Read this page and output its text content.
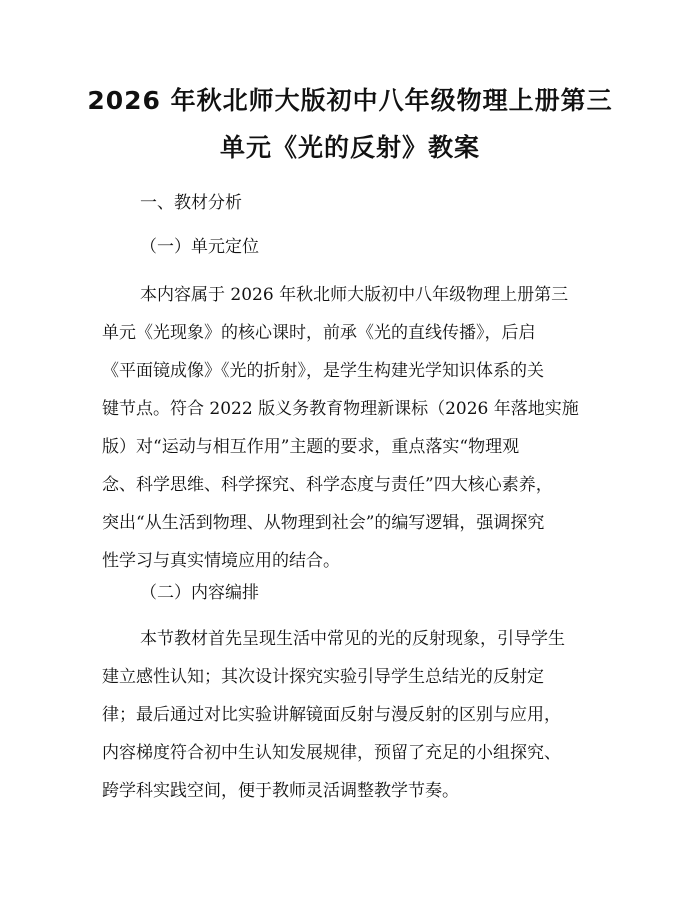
2026 年秋北师大版初中八年级物理上册第三
单元《光的反射》教案
一、教材分析
（一）单元定位
本内容属于 2026 年秋北师大版初中八年级物理上册第三
单元《光现象》的核心课时，前承《光的直线传播》，后启
《平面镜成像》《光的折射》，是学生构建光学知识体系的关
键节点。符合 2022 版义务教育物理新课标（2026 年落地实施
版）对“运动与相互作用”主题的要求，重点落实“物理观
念、科学思维、科学探究、科学态度与责任”四大核心素养，
突出“从生活到物理、从物理到社会”的编写逻辑，强调探究
性学习与真实情境应用的结合。
（二）内容编排
本节教材首先呈现生活中常见的光的反射现象，引导学生
建立感性认知；其次设计探究实验引导学生总结光的反射定
律；最后通过对比实验讲解镜面反射与漫反射的区别与应用，
内容梯度符合初中生认知发展规律，预留了充足的小组探究、
跨学科实践空间，便于教师灵活调整教学节奏。
